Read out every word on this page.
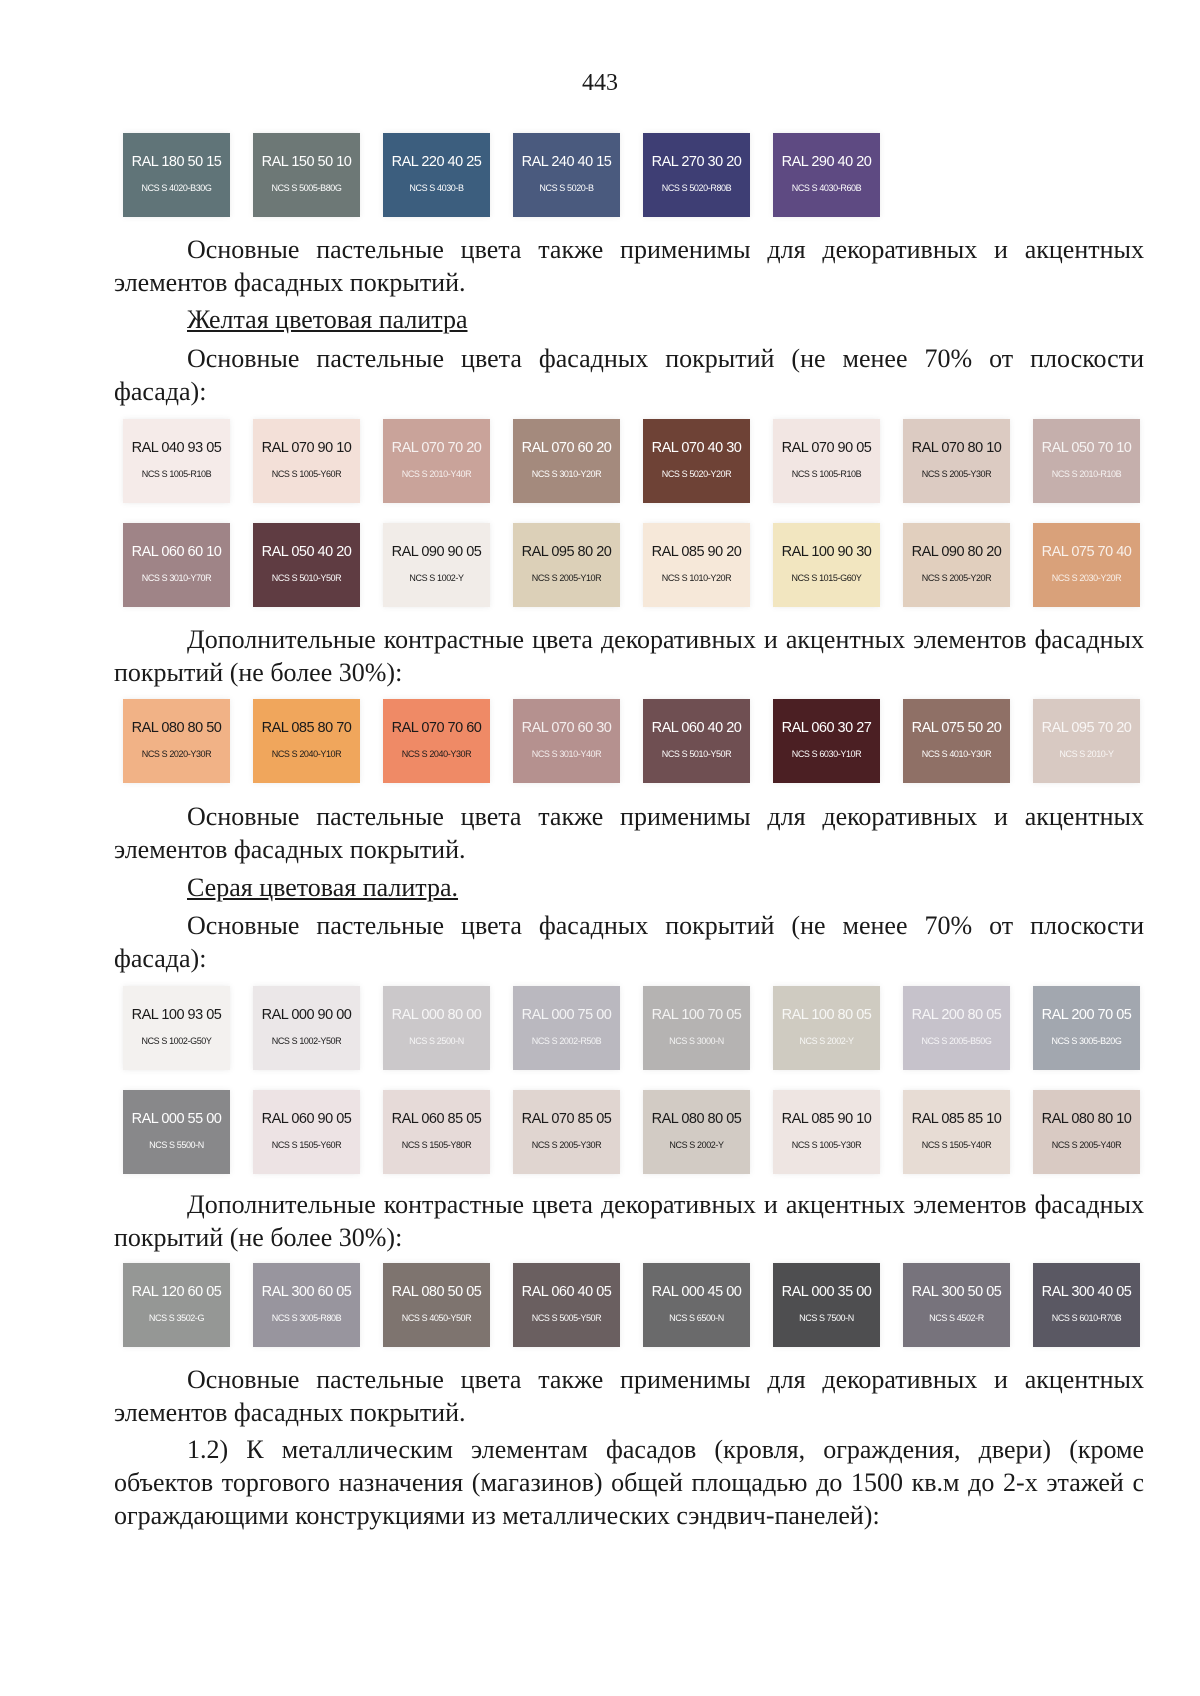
443
RAL 180 50 15
NCS S 4020-B30G
RAL 150 50 10
NCS S 5005-B80G
RAL 220 40 25
NCS S 4030-B
RAL 240 40 15
NCS S 5020-B
RAL 270 30 20
NCS S 5020-R80B
RAL 290 40 20
NCS S 4030-R60B

Основные пастельные цвета также применимы для декоративных и акцентных элементов фасадных покрытий.

Желтая цветовая палитра

Основные пастельные цвета фасадных покрытий (не менее 70% от плоскости фасада):

RAL 040 93 05
NCS S 1005-R10B
RAL 070 90 10
NCS S 1005-Y60R
RAL 070 70 20
NCS S 2010-Y40R
RAL 070 60 20
NCS S 3010-Y20R
RAL 070 40 30
NCS S 5020-Y20R
RAL 070 90 05
NCS S 1005-R10B
RAL 070 80 10
NCS S 2005-Y30R
RAL 050 70 10
NCS S 2010-R10B
RAL 060 60 10
NCS S 3010-Y70R
RAL 050 40 20
NCS S 5010-Y50R
RAL 090 90 05
NCS S 1002-Y
RAL 095 80 20
NCS S 2005-Y10R
RAL 085 90 20
NCS S 1010-Y20R
RAL 100 90 30
NCS S 1015-G60Y
RAL 090 80 20
NCS S 2005-Y20R
RAL 075 70 40
NCS S 2030-Y20R

Дополнительные контрастные цвета декоративных и акцентных элементов фасадных покрытий (не более 30%):

RAL 080 80 50
NCS S 2020-Y30R
RAL 085 80 70
NCS S 2040-Y10R
RAL 070 70 60
NCS S 2040-Y30R
RAL 070 60 30
NCS S 3010-Y40R
RAL 060 40 20
NCS S 5010-Y50R
RAL 060 30 27
NCS S 6030-Y10R
RAL 075 50 20
NCS S 4010-Y30R
RAL 095 70 20
NCS S 2010-Y

Основные пастельные цвета также применимы для декоративных и акцентных элементов фасадных покрытий.

Серая цветовая палитра.

Основные пастельные цвета фасадных покрытий (не менее 70% от плоскости фасада):

RAL 100 93 05
NCS S 1002-G50Y
RAL 000 90 00
NCS S 1002-Y50R
RAL 000 80 00
NCS S 2500-N
RAL 000 75 00
NCS S 2002-R50B
RAL 100 70 05
NCS S 3000-N
RAL 100 80 05
NCS S 2002-Y
RAL 200 80 05
NCS S 2005-B50G
RAL 200 70 05
NCS S 3005-B20G
RAL 000 55 00
NCS S 5500-N
RAL 060 90 05
NCS S 1505-Y60R
RAL 060 85 05
NCS S 1505-Y80R
RAL 070 85 05
NCS S 2005-Y30R
RAL 080 80 05
NCS S 2002-Y
RAL 085 90 10
NCS S 1005-Y30R
RAL 085 85 10
NCS S 1505-Y40R
RAL 080 80 10
NCS S 2005-Y40R

Дополнительные контрастные цвета декоративных и акцентных элементов фасадных покрытий (не более 30%):

RAL 120 60 05
NCS S 3502-G
RAL 300 60 05
NCS S 3005-R80B
RAL 080 50 05
NCS S 4050-Y50R
RAL 060 40 05
NCS S 5005-Y50R
RAL 000 45 00
NCS S 6500-N
RAL 000 35 00
NCS S 7500-N
RAL 300 50 05
NCS S 4502-R
RAL 300 40 05
NCS S 6010-R70B

Основные пастельные цвета также применимы для декоративных и акцентных элементов фасадных покрытий.

1.2) К металлическим элементам фасадов (кровля, ограждения, двери) (кроме объектов торгового назначения (магазинов) общей площадью до 1500 кв.м до 2-х этажей с ограждающими конструкциями из металлических сэндвич-панелей):
